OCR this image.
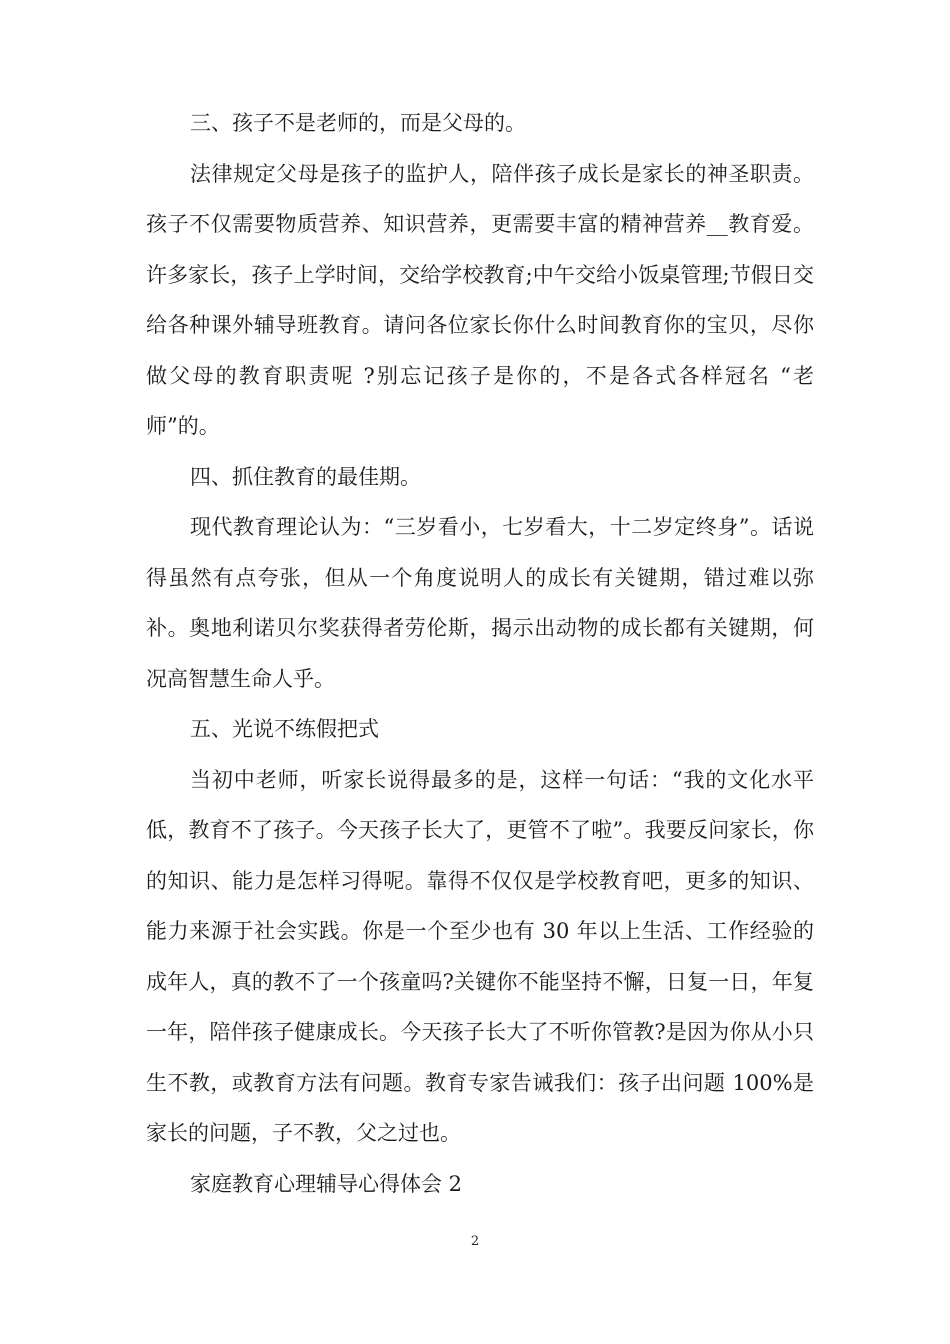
三、孩子不是老师的，而是父母的。

法律规定父母是孩子的监护人，陪伴孩子成长是家长的神圣职责。孩子不仅需要物质营养、知识营养，更需要丰富的精神营养__教育爱。许多家长，孩子上学时间，交给学校教育;中午交给小饭桌管理;节假日交给各种课外辅导班教育。请问各位家长你什么时间教育你的宝贝，尽你做父母的教育职责呢 ?别忘记孩子是你的，不是各式各样冠名 “老师”的。

四、抓住教育的最佳期。

现代教育理论认为：“三岁看小，七岁看大，十二岁定终身”。话说得虽然有点夸张，但从一个角度说明人的成长有关键期，错过难以弥补。奥地利诺贝尔奖获得者劳伦斯，揭示出动物的成长都有关键期，何况高智慧生命人乎。

五、光说不练假把式

当初中老师，听家长说得最多的是，这样一句话：“我的文化水平低，教育不了孩子。今天孩子长大了，更管不了啦”。我要反问家长，你的知识、能力是怎样习得呢。靠得不仅仅是学校教育吧，更多的知识、能力来源于社会实践。你是一个至少也有 30 年以上生活、工作经验的成年人，真的教不了一个孩童吗?关键你不能坚持不懈，日复一日，年复一年，陪伴孩子健康成长。今天孩子长大了不听你管教?是因为你从小只生不教，或教育方法有问题。教育专家告诫我们：孩子出问题 100%是家长的问题，子不教，父之过也。

家庭教育心理辅导心得体会 2

2
